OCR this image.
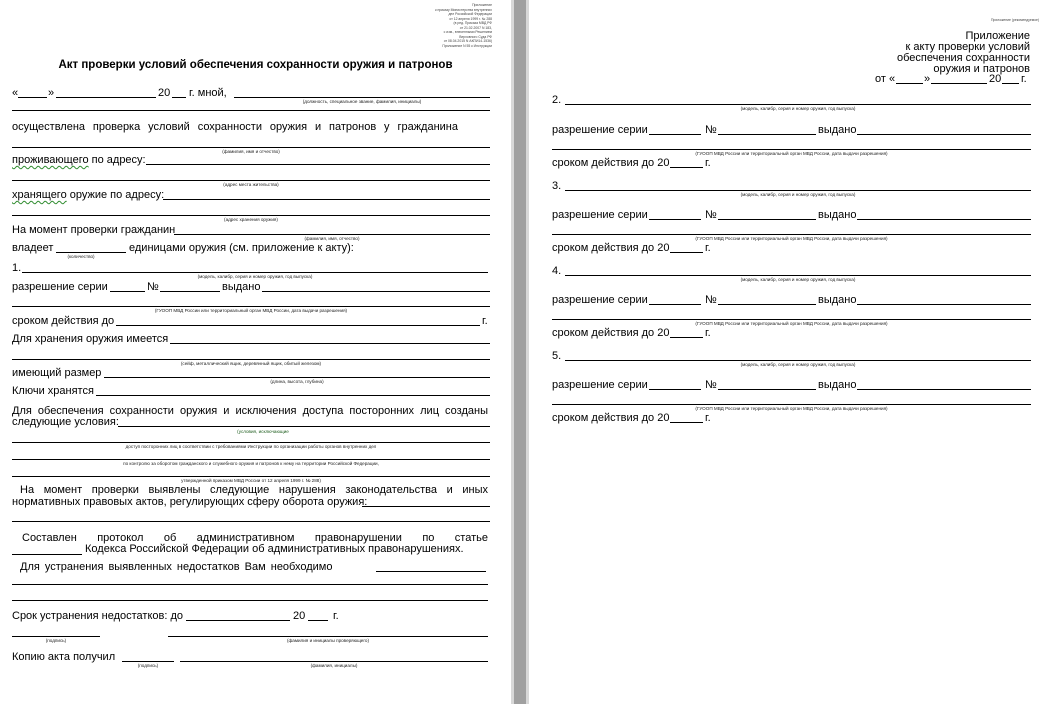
Приложение
к приказу Министерства внутренних
дел Российской Федерации
от 12 апреля 1999 г. № 288
(в ред. Приказа МВД РФ
от 21.02.2007 N 183,
с изм., внесенными Решением
Верховного Суда РФ
от 08.04.2015 N АКПИ14-1536)
Приложение N 55 к Инструкции
Акт проверки условий обеспечения сохранности оружия и патронов
«	»	20 г. мной,
(должность, специальное звание, фамилия, инициалы)
осуществлена проверка условий сохранности оружия и патронов у гражданина
(фамилия, имя и отчество)
проживающего по адресу:
(адрес места жительства)
хранящего оружие по адресу:
(адрес хранения оружия)
На момент проверки гражданин
(фамилия, имя, отчество)
владеет	единицами оружия (см. приложение к акту):
(количество)
1.
(модель, калибр, серия и номер оружия, год выпуска)
разрешение серии	№	выдано
(ГУООП МВД России или территориальный орган МВД России, дата выдачи разрешения)
сроком действия до	г.
Для хранения оружия имеется
(сейф, металлический ящик, деревянный ящик, обитый железом)
имеющий размер
(длина, высота, глубина)
Ключи хранятся
Для обеспечения сохранности оружия и исключения доступа посторонних лиц созданы
следующие условия:
(условия, исключающие
доступ посторонних лиц в соответствии с требованиями Инструкции по организации работы органов внутренних дел
по контролю за оборотом гражданского и служебного оружия и патронов к нему на территории Российской Федерации,
утвержденной приказом МВД России от 12 апреля 1999 г. № 288)
На момент проверки выявлены следующие нарушения законодательства и иных
нормативных правовых актов, регулирующих сферу оборота оружия:
Составлен протокол об административном правонарушении по статье
Кодекса Российской Федерации об административных правонарушениях.
Для устранения выявленных недостатков Вам необходимо
Срок устранения недостатков: до	20	г.
(подпись)	(фамилия и инициалы проверяющего)
Копию акта получил
(подпись)	(фамилия, инициалы)
Приложение (рекомендуемое)
Приложение
к акту проверки условий
обеспечения сохранности
оружия и патронов
от «	»	20 г.
2.
(модель, калибр, серия и номер оружия, год выпуска)
разрешение серии	№	выдано
(ГУООП МВД России или территориальный орган МВД России, дата выдачи разрешения)
сроком действия до 20	г.
3.
(модель, калибр, серия и номер оружия, год выпуска)
разрешение серии	№	выдано
(ГУООП МВД России или территориальный орган МВД России, дата выдачи разрешения)
сроком действия до 20	г.
4.
(модель, калибр, серия и номер оружия, год выпуска)
разрешение серии	№	выдано
(ГУООП МВД России или территориальный орган МВД России, дата выдачи разрешения)
сроком действия до 20	г.
5.
(модель, калибр, серия и номер оружия, год выпуска)
разрешение серии	№	выдано
(ГУООП МВД России или территориальный орган МВД России, дата выдачи разрешения)
сроком действия до 20	г.
